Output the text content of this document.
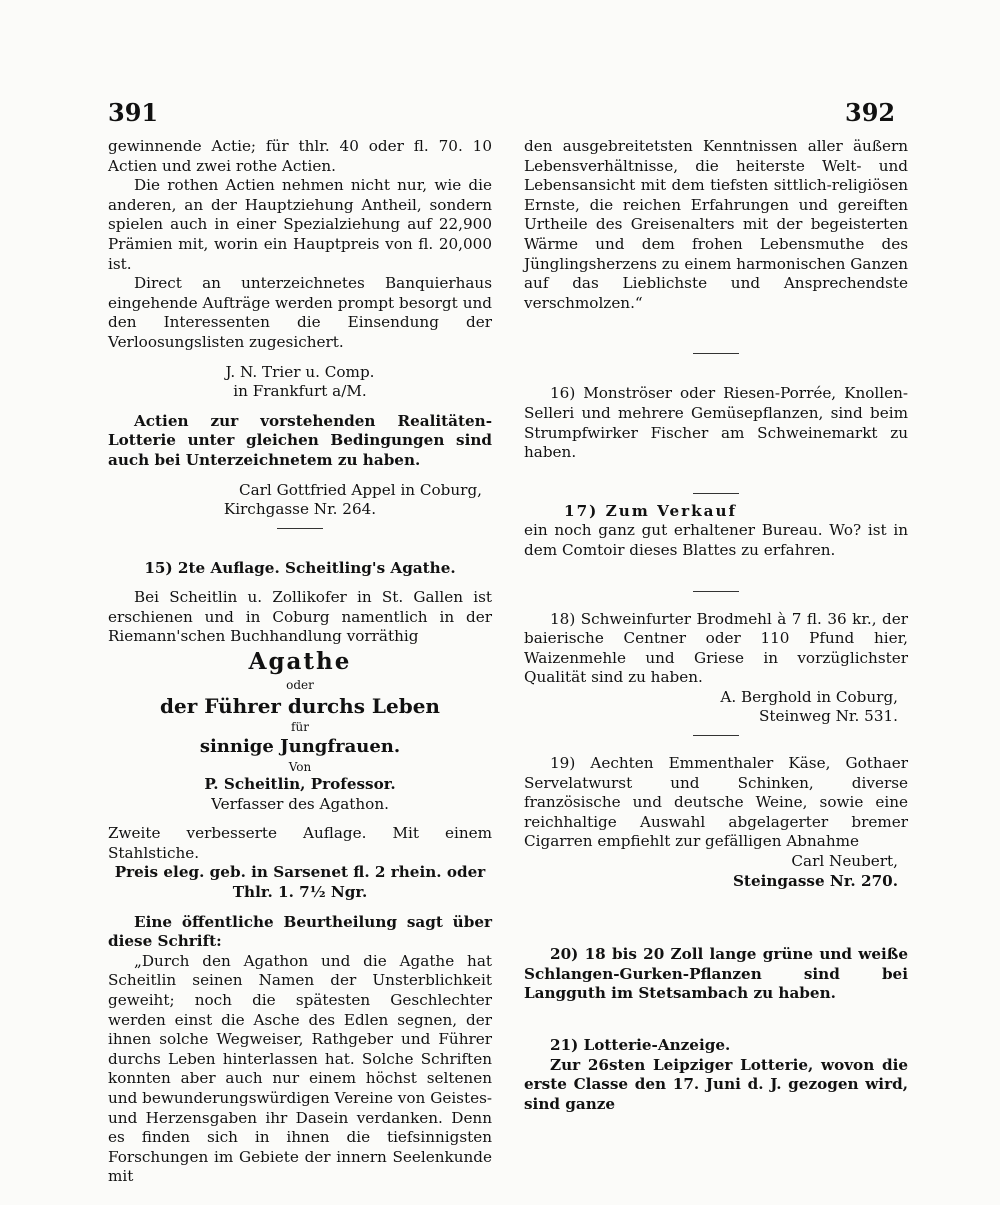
391	392

gewinnende Actie; für thlr. 40 oder fl. 70. 10 Actien und zwei rothe Actien.

Die rothen Actien nehmen nicht nur, wie die anderen, an der Hauptziehung Antheil, sondern spielen auch in einer Spezialziehung auf 22,900 Prämien mit, worin ein Hauptpreis von fl. 20,000 ist.

Direct an unterzeichnetes Banquierhaus eingehende Aufträge werden prompt besorgt und den Interessenten die Einsendung der Verloosungslisten zugesichert.

J. N. Trier u. Comp.

in Frankfurt a/M.

Actien zur vorstehenden Realitäten-Lotterie unter gleichen Bedingungen sind auch bei Unterzeichnetem zu haben.

Carl Gottfried Appel in Coburg,

Kirchgasse Nr. 264.

15) 2te Auflage. Scheitling's Agathe.

Bei Scheitlin u. Zollikofer in St. Gallen ist erschienen und in Coburg namentlich in der Riemann'schen Buchhandlung vorräthig

Agathe

oder

der Führer durchs Leben

für

sinnige Jungfrauen.

Von

P. Scheitlin, Professor.

Verfasser des Agathon.

Zweite verbesserte Auflage. Mit einem Stahlstiche.

Preis eleg. geb. in Sarsenet fl. 2 rhein. oder

Thlr. 1. 7½ Ngr.

Eine öffentliche Beurtheilung sagt über diese Schrift:

„Durch den Agathon und die Agathe hat Scheitlin seinen Namen der Unsterblichkeit geweiht; noch die spätesten Geschlechter werden einst die Asche des Edlen segnen, der ihnen solche Wegweiser, Rathgeber und Führer durchs Leben hinterlassen hat. Solche Schriften konnten aber auch nur einem höchst seltenen und bewunderungswürdigen Vereine von Geistes- und Herzensgaben ihr Dasein verdanken. Denn es finden sich in ihnen die tiefsinnigsten Forschungen im Gebiete der innern Seelenkunde mit

den ausgebreitetsten Kenntnissen aller äußern Lebensverhältnisse, die heiterste Welt- und Lebensansicht mit dem tiefsten sittlich-religiösen Ernste, die reichen Erfahrungen und gereiften Urtheile des Greisenalters mit der begeisterten Wärme und dem frohen Lebensmuthe des Jünglingsherzens zu einem harmonischen Ganzen auf das Lieblichste und Ansprechendste verschmolzen.“

16) Monströser oder Riesen-Porrée, Knollen-Selleri und mehrere Gemüsepflanzen, sind beim Strumpfwirker Fischer am Schweinemarkt zu haben.

17) Zum Verkauf

ein noch ganz gut erhaltener Bureau. Wo? ist in dem Comtoir dieses Blattes zu erfahren.

18) Schweinfurter Brodmehl à 7 fl. 36 kr., der baierische Centner oder 110 Pfund hier, Waizenmehle und Griese in vorzüglichster Qualität sind zu haben.

A. Berghold in Coburg,

Steinweg Nr. 531.

19) Aechten Emmenthaler Käse, Gothaer Servelatwurst und Schinken, diverse französische und deutsche Weine, sowie eine reichhaltige Auswahl abgelagerter bremer Cigarren empfiehlt zur gefälligen Abnahme

Carl Neubert,

Steingasse Nr. 270.

20) 18 bis 20 Zoll lange grüne und weiße Schlangen-Gurken-Pflanzen sind bei Langguth im Stetsambach zu haben.

21) Lotterie-Anzeige.

Zur 26sten Leipziger Lotterie, wovon die erste Classe den 17. Juni d. J. gezogen wird, sind ganze
